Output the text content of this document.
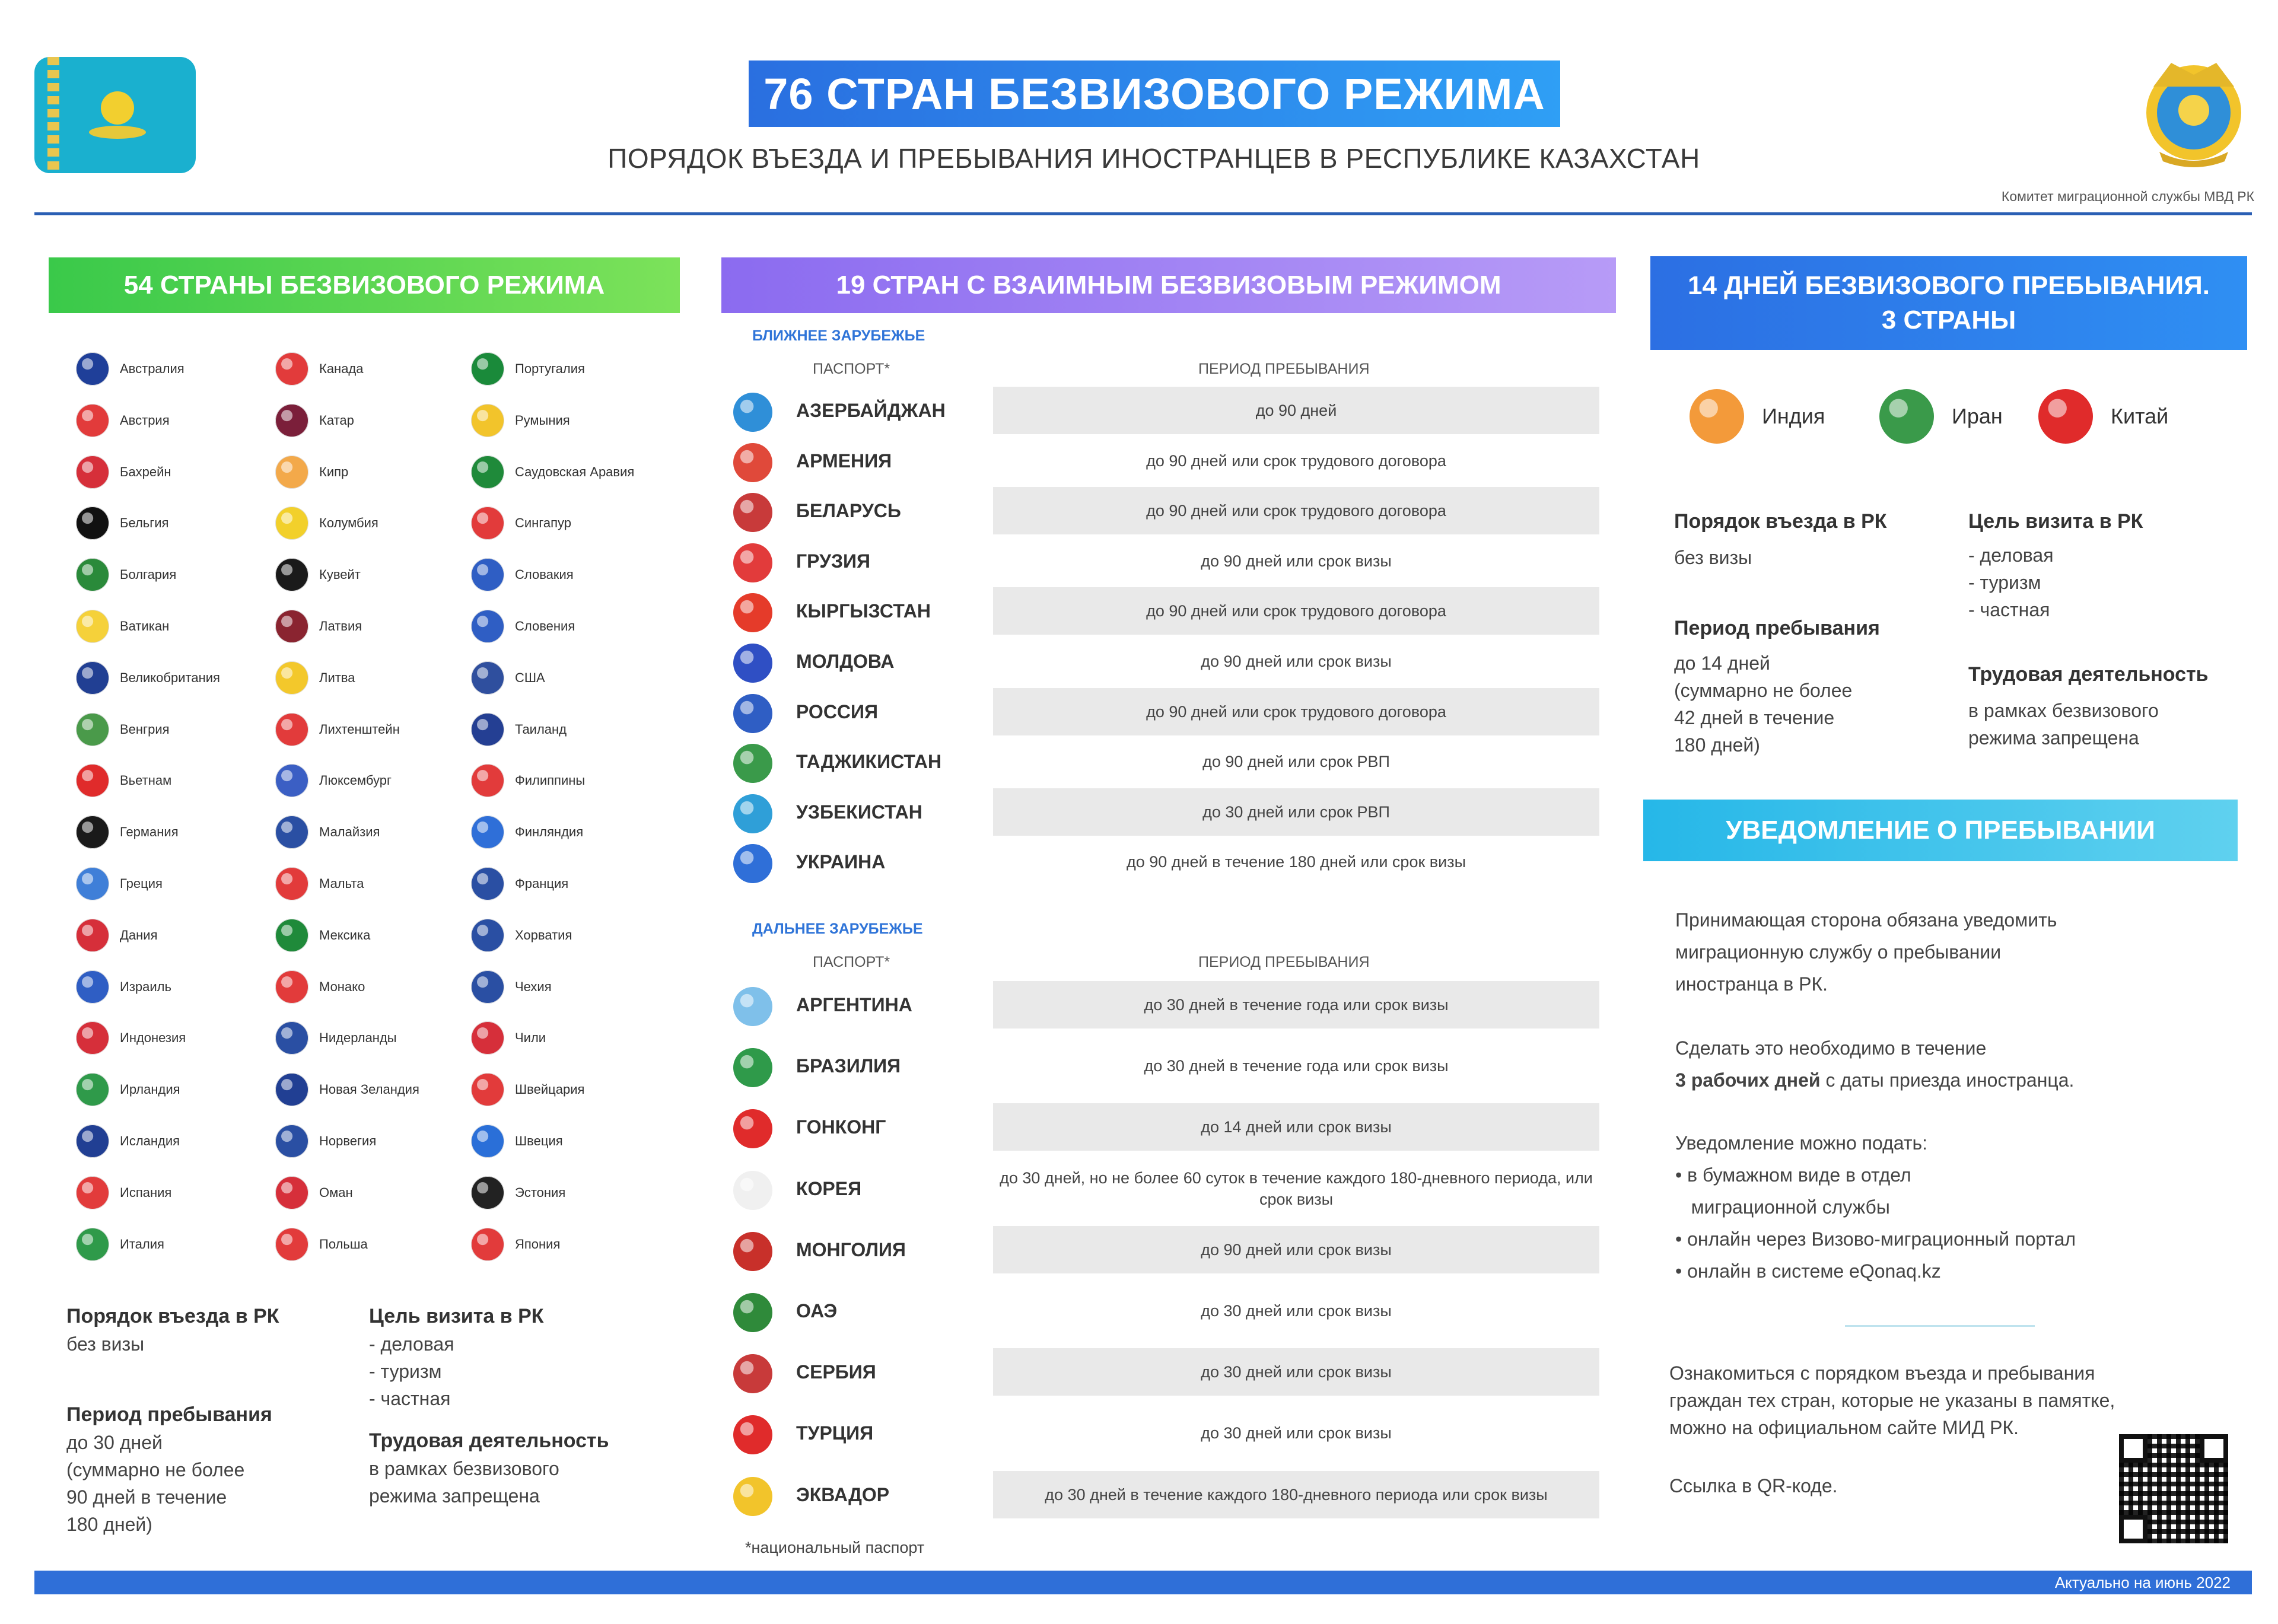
76 СТРАН БЕЗВИЗОВОГО РЕЖИМА
ПОРЯДОК ВЪЕЗДА И ПРЕБЫВАНИЯ ИНОСТРАНЦЕВ В РЕСПУБЛИКЕ КАЗАХСТАН
Комитет миграционной службы МВД РК
54 СТРАНЫ БЕЗВИЗОВОГО РЕЖИМА
Австралия	Канада	Португалия
Австрия	Катар	Румыния
Бахрейн	Кипр	Саудовская Аравия
Бельгия	Колумбия	Сингапур
Болгария	Кувейт	Словакия
Ватикан	Латвия	Словения
Великобритания	Литва	США
Венгрия	Лихтенштейн	Таиланд
Вьетнам	Люксембург	Филиппины
Германия	Малайзия	Финляндия
Греция	Мальта	Франция
Дания	Мексика	Хорватия
Израиль	Монако	Чехия
Индонезия	Нидерланды	Чили
Ирландия	Новая Зеландия	Швейцария
Исландия	Норвегия	Швеция
Испания	Оман	Эстония
Италия	Польша	Япония
Порядок въезда в РК
без визы
Цель визита в РК
- деловая
- туризм
- частная
Период пребывания
до 30 дней
(суммарно не более
90 дней в течение
180 дней)
Трудовая деятельность
в рамках безвизового
режима запрещена
19 СТРАН С ВЗАИМНЫМ БЕЗВИЗОВЫМ РЕЖИМОМ
БЛИЖНЕЕ ЗАРУБЕЖЬЕ
ПАСПОРТ*	ПЕРИОД ПРЕБЫВАНИЯ
АЗЕРБАЙДЖАН	до 90 дней
АРМЕНИЯ	до 90 дней или срок трудового договора
БЕЛАРУСЬ	до 90 дней или срок трудового договора
ГРУЗИЯ	до 90 дней или срок визы
КЫРГЫЗСТАН	до 90 дней или срок трудового договора
МОЛДОВА	до 90 дней или срок визы
РОССИЯ	до 90 дней или срок трудового договора
ТАДЖИКИСТАН	до 90 дней или срок РВП
УЗБЕКИСТАН	до 30 дней или срок РВП
УКРАИНА	до 90 дней в течение 180 дней или срок визы
ДАЛЬНЕЕ ЗАРУБЕЖЬЕ
ПАСПОРТ*	ПЕРИОД ПРЕБЫВАНИЯ
АРГЕНТИНА	до 30 дней в течение года или срок визы
БРАЗИЛИЯ	до 30 дней в течение года или срок визы
ГОНКОНГ	до 14 дней или срок визы
КОРЕЯ	до 30 дней, но не более 60 суток в течение каждого 180-дневного периода, или срок визы
МОНГОЛИЯ	до 90 дней или срок визы
ОАЭ	до 30 дней или срок визы
СЕРБИЯ	до 30 дней или срок визы
ТУРЦИЯ	до 30 дней или срок визы
ЭКВАДОР	до 30 дней в течение каждого 180-дневного периода или срок визы
*национальный паспорт
14 ДНЕЙ БЕЗВИЗОВОГО ПРЕБЫВАНИЯ.
3 СТРАНЫ
Индия	Иран	Китай
Порядок въезда в РК
без визы
Цель визита в РК
- деловая
- туризм
- частная
Период пребывания
до 14 дней
(суммарно не более
42 дней в течение
180 дней)
Трудовая деятельность
в рамках безвизового
режима запрещена
УВЕДОМЛЕНИЕ О ПРЕБЫВАНИИ
Принимающая сторона обязана уведомить
миграционную службу о пребывании
иностранца в РК.
Сделать это необходимо в течение
3 рабочих дней с даты приезда иностранца.
Уведомление можно подать:
• в бумажном виде в отдел
миграционной службы
• онлайн через Визово-миграционный портал
• онлайн в системе eQonaq.kz
Ознакомиться с порядком въезда и пребывания
граждан тех стран, которые не указаны в памятке,
можно на официальном сайте МИД РК.
Ссылка в QR-коде.
Актуально на июнь 2022
